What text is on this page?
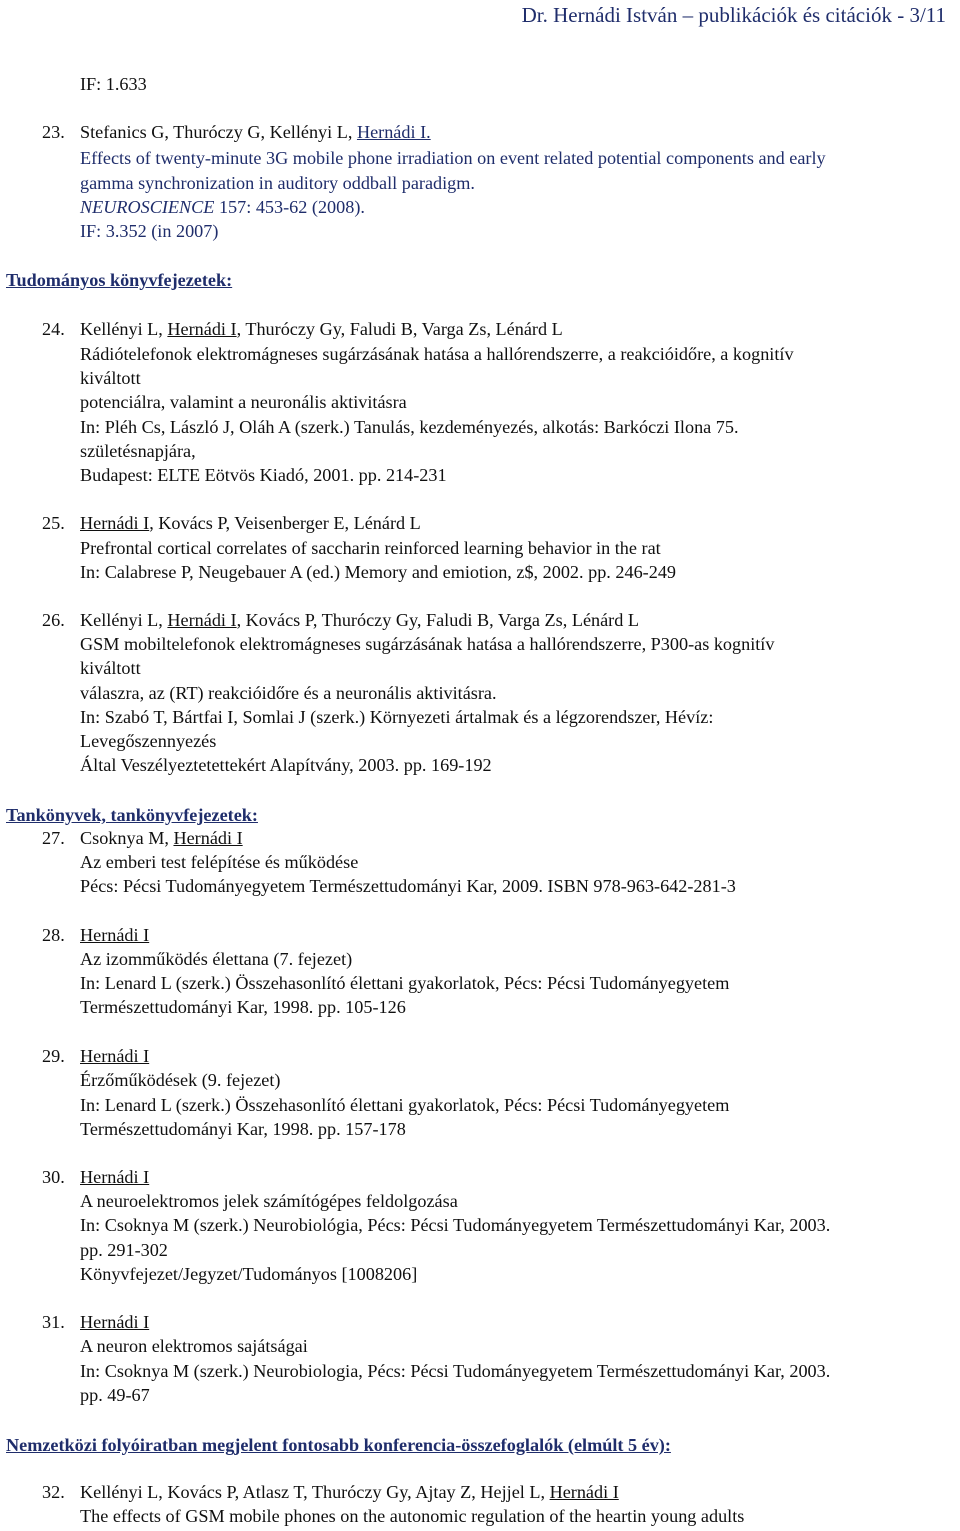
Dr. Hernádi István – publikációk és citációk - 3/11
IF: 1.633
23. Stefanics G, Thuróczy G, Kellényi L, Hernádi I.
Effects of twenty-minute 3G mobile phone irradiation on event related potential components and early
gamma synchronization in auditory oddball paradigm.
NEUROSCIENCE 157: 453-62 (2008).
IF: 3.352 (in 2007)
Tudományos könyvfejezetek:
24. Kellényi L, Hernádi I, Thuróczy Gy, Faludi B, Varga Zs, Lénárd L
Rádiótelefonok elektromágneses sugárzásának hatása a hallórendszerre, a reakcióidőre, a kognitív
kiváltott
potenciálra, valamint a neuronális aktivitásra
In: Pléh Cs, László J, Oláh A (szerk.) Tanulás, kezdeményezés, alkotás: Barkóczi Ilona 75.
születésnapjára,
Budapest: ELTE Eötvös Kiadó, 2001. pp. 214-231
25. Hernádi I, Kovács P, Veisenberger E, Lénárd L
Prefrontal cortical correlates of saccharin reinforced learning behavior in the rat
In: Calabrese P, Neugebauer A (ed.) Memory and emiotion, z$, 2002. pp. 246-249
26. Kellényi L, Hernádi I, Kovács P, Thuróczy Gy, Faludi B, Varga Zs, Lénárd L
GSM mobiltelefonok elektromágneses sugárzásának hatása a hallórendszerre, P300-as kognitív
kiváltott
válaszra, az (RT) reakcióidőre és a neuronális aktivitásra.
In: Szabó T, Bártfai I, Somlai J (szerk.) Környezeti ártalmak és a légzorendszer, Hévíz:
Levegőszennyezés
Által Veszélyeztetettekért Alapítvány, 2003. pp. 169-192
Tankönyvek, tankönyvfejezetek:
27. Csoknya M, Hernádi I
Az emberi test felépítése és működése
Pécs: Pécsi Tudományegyetem Természettudományi Kar, 2009. ISBN 978-963-642-281-3
28. Hernádi I
Az izomműködés élettana (7. fejezet)
In: Lenard L (szerk.) Összehasonlító élettani gyakorlatok, Pécs: Pécsi Tudományegyetem
Természettudományi Kar, 1998. pp. 105-126
29. Hernádi I
Érzőműködések (9. fejezet)
In: Lenard L (szerk.) Összehasonlító élettani gyakorlatok, Pécs: Pécsi Tudományegyetem
Természettudományi Kar, 1998. pp. 157-178
30. Hernádi I
A neuroelektromos jelek számítógépes feldolgozása
In: Csoknya M (szerk.) Neurobiológia, Pécs: Pécsi Tudományegyetem Természettudományi Kar, 2003.
pp. 291-302
Könyvfejezet/Jegyzet/Tudományos [1008206]
31. Hernádi I
A neuron elektromos sajátságai
In: Csoknya M (szerk.) Neurobiologia, Pécs: Pécsi Tudományegyetem Természettudományi Kar, 2003.
pp. 49-67
Nemzetközi folyóiratban megjelent fontosabb konferencia-összefoglalók (elmúlt 5 év):
32. Kellényi L, Kovács P, Atlasz T, Thuróczy Gy, Ajtay Z, Hejjel L, Hernádi I
The effects of GSM mobile phones on the autonomic regulation of the heartin young adults
